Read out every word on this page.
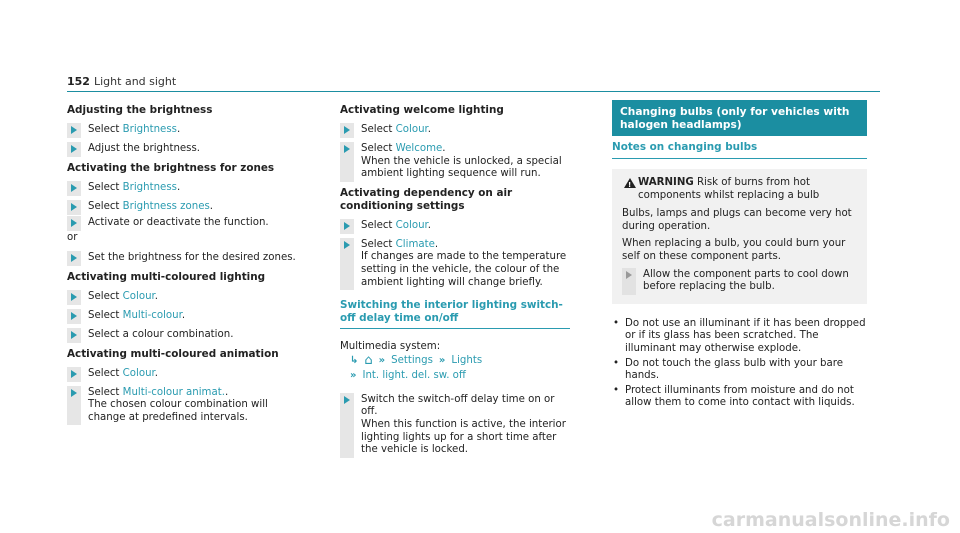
152 Light and sight
Adjusting the brightness
Select Brightness.
Adjust the brightness.
Activating the brightness for zones
Select Brightness.
Select Brightness zones.
Activate or deactivate the function.
or
Set the brightness for the desired zones.
Activating multi-coloured lighting
Select Colour.
Select Multi-colour.
Select a colour combination.
Activating multi-coloured animation
Select Colour.
Select Multi-colour animat..
The chosen colour combination will change at predefined intervals.
Activating welcome lighting
Select Colour.
Select Welcome.
When the vehicle is unlocked, a special ambient lighting sequence will run.
Activating dependency on air conditioning settings
Select Colour.
Select Climate.
If changes are made to the temperature setting in the vehicle, the colour of the ambient lighting will change briefly.
Switching the interior lighting switch-off delay time on/off
Multimedia system:
↳ ⌂ » Settings » Lights
» Int. light. del. sw. off
Switch the switch-off delay time on or off.
When this function is active, the interior lighting lights up for a short time after the vehicle is locked.
Changing bulbs (only for vehicles with halogen headlamps)
Notes on changing bulbs
!
WARNING Risk of burns from hot components whilst replacing a bulb

Bulbs, lamps and plugs can become very hot during operation.

When replacing a bulb, you could burn your self on these component parts.

Allow the component parts to cool down before replacing the bulb.
• Do not use an illuminant if it has been dropped or if its glass has been scratched. The illuminant may otherwise explode.
• Do not touch the glass bulb with your bare hands.
• Protect illuminants from moisture and do not allow them to come into contact with liquids.
carmanualsonline.info
